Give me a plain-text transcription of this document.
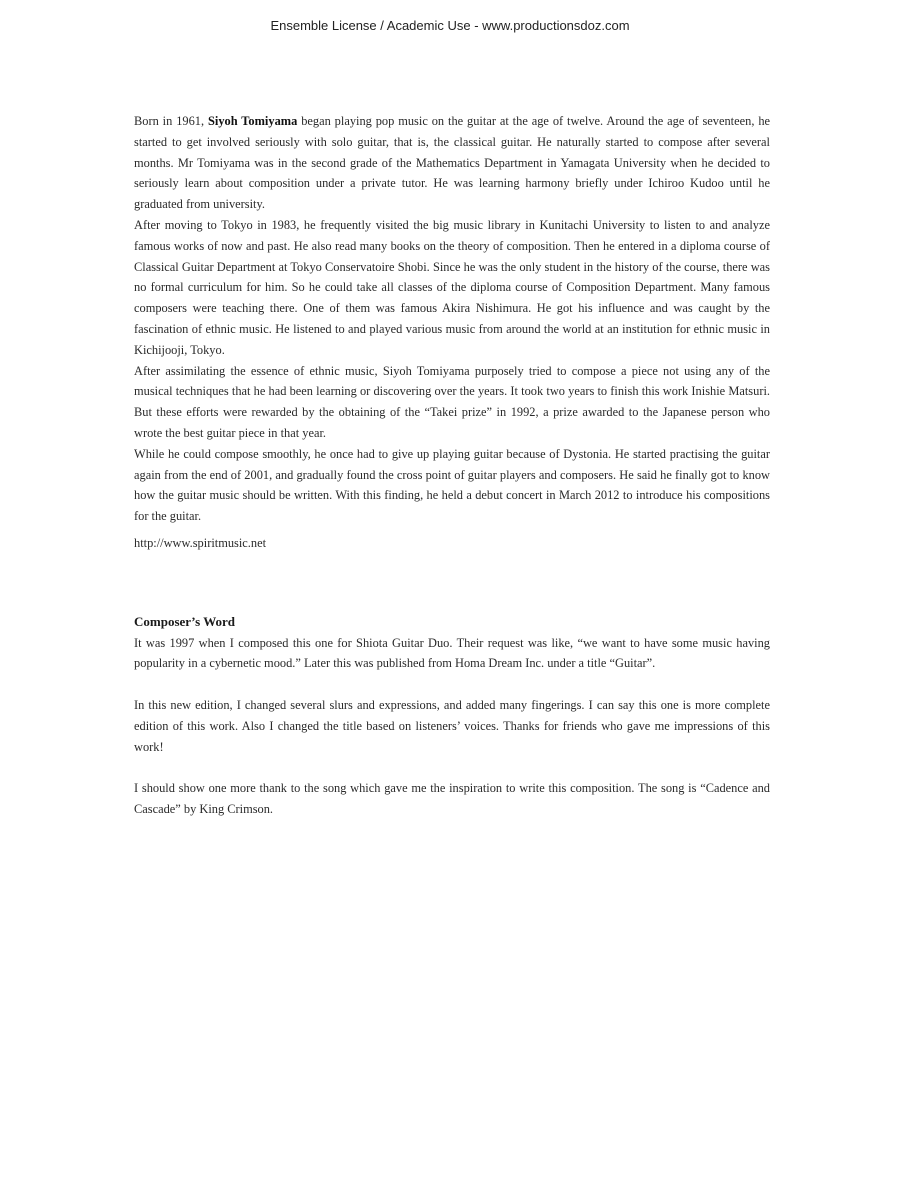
Ensemble License / Academic Use - www.productionsdoz.com

Born in 1961, Siyoh Tomiyama began playing pop music on the guitar at the age of twelve. Around the age of seventeen, he started to get involved seriously with solo guitar, that is, the classical guitar. He naturally started to compose after several months. Mr Tomiyama was in the second grade of the Mathematics Department in Yamagata University when he decided to seriously learn about composition under a private tutor. He was learning harmony briefly under Ichiroo Kudoo until he graduated from university.

After moving to Tokyo in 1983, he frequently visited the big music library in Kunitachi University to listen to and analyze famous works of now and past. He also read many books on the theory of composition. Then he entered in a diploma course of Classical Guitar Department at Tokyo Conservatoire Shobi. Since he was the only student in the history of the course, there was no formal curriculum for him. So he could take all classes of the diploma course of Composition Department. Many famous composers were teaching there. One of them was famous Akira Nishimura. He got his influence and was caught by the fascination of ethnic music. He listened to and played various music from around the world at an institution for ethnic music in Kichijooji, Tokyo.

After assimilating the essence of ethnic music, Siyoh Tomiyama purposely tried to compose a piece not using any of the musical techniques that he had been learning or discovering over the years. It took two years to finish this work Inishie Matsuri. But these efforts were rewarded by the obtaining of the “Takei prize” in 1992, a prize awarded to the Japanese person who wrote the best guitar piece in that year.

While he could compose smoothly, he once had to give up playing guitar because of Dystonia. He started practising the guitar again from the end of 2001, and gradually found the cross point of guitar players and composers. He said he finally got to know how the guitar music should be written. With this finding, he held a debut concert in March 2012 to introduce his compositions for the guitar.

http://www.spiritmusic.net

Composer’s Word

It was 1997 when I composed this one for Shiota Guitar Duo. Their request was like, “we want to have some music having popularity in a cybernetic mood.” Later this was published from Homa Dream Inc. under a title “Guitar”.

In this new edition, I changed several slurs and expressions, and added many fingerings. I can say this one is more complete edition of this work. Also I changed the title based on listeners’ voices. Thanks for friends who gave me impressions of this work!

I should show one more thank to the song which gave me the inspiration to write this composition. The song is “Cadence and Cascade” by King Crimson.
